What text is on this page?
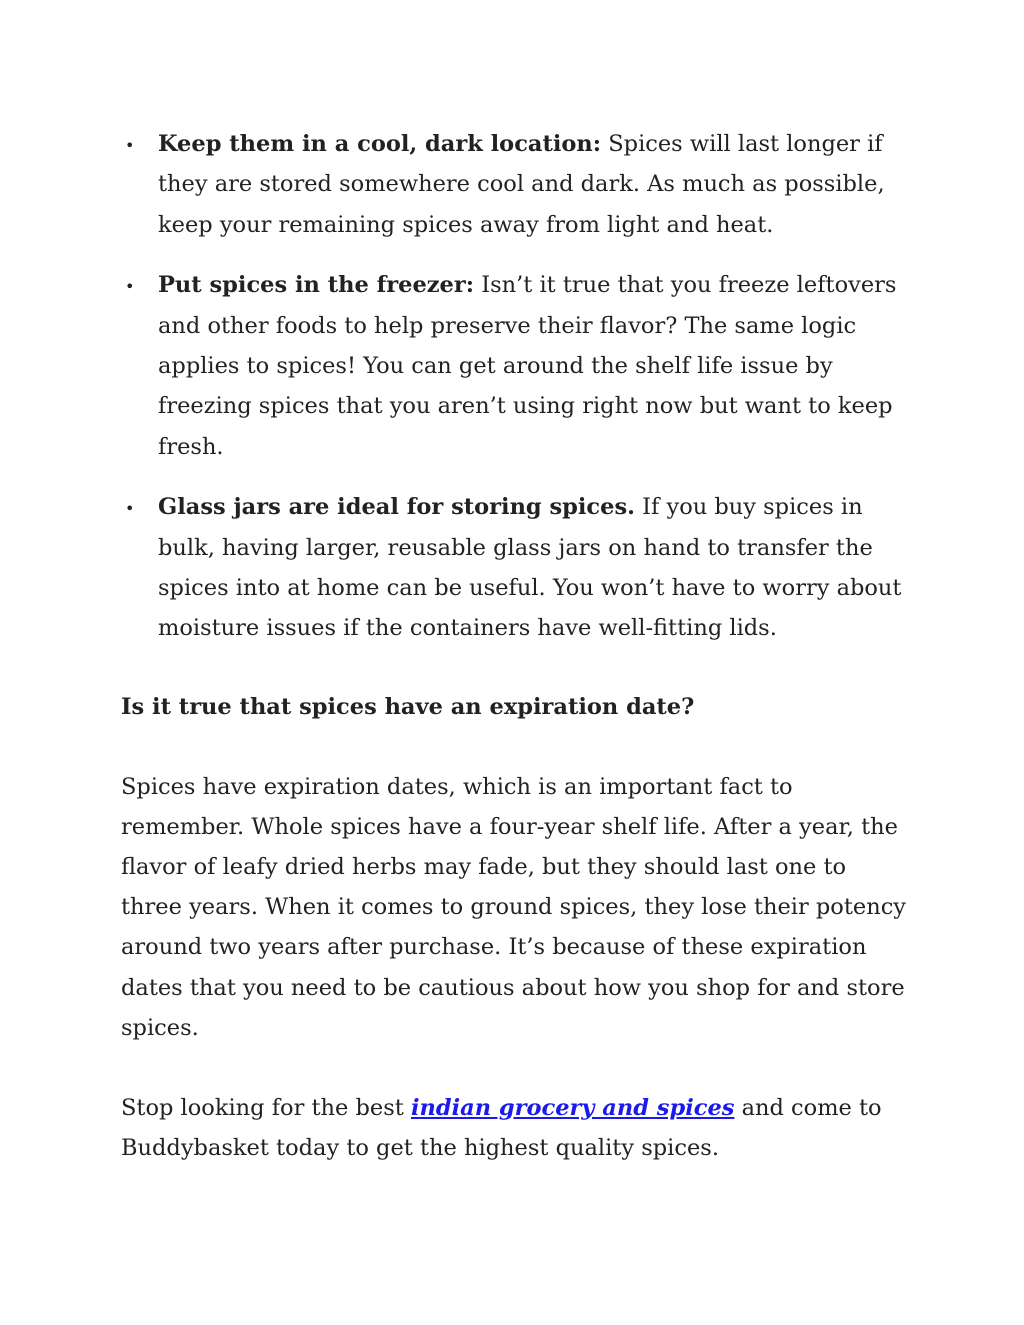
• Keep them in a cool, dark location: Spices will last longer if they are stored somewhere cool and dark. As much as possible, keep your remaining spices away from light and heat.
• Put spices in the freezer: Isn’t it true that you freeze leftovers and other foods to help preserve their flavor? The same logic applies to spices! You can get around the shelf life issue by freezing spices that you aren’t using right now but want to keep fresh.
• Glass jars are ideal for storing spices. If you buy spices in bulk, having larger, reusable glass jars on hand to transfer the spices into at home can be useful. You won’t have to worry about moisture issues if the containers have well-fitting lids.
Is it true that spices have an expiration date?

Spices have expiration dates, which is an important fact to remember. Whole spices have a four-year shelf life. After a year, the flavor of leafy dried herbs may fade, but they should last one to three years. When it comes to ground spices, they lose their potency around two years after purchase. It’s because of these expiration dates that you need to be cautious about how you shop for and store spices.

Stop looking for the best indian grocery and spices and come to Buddybasket today to get the highest quality spices.
